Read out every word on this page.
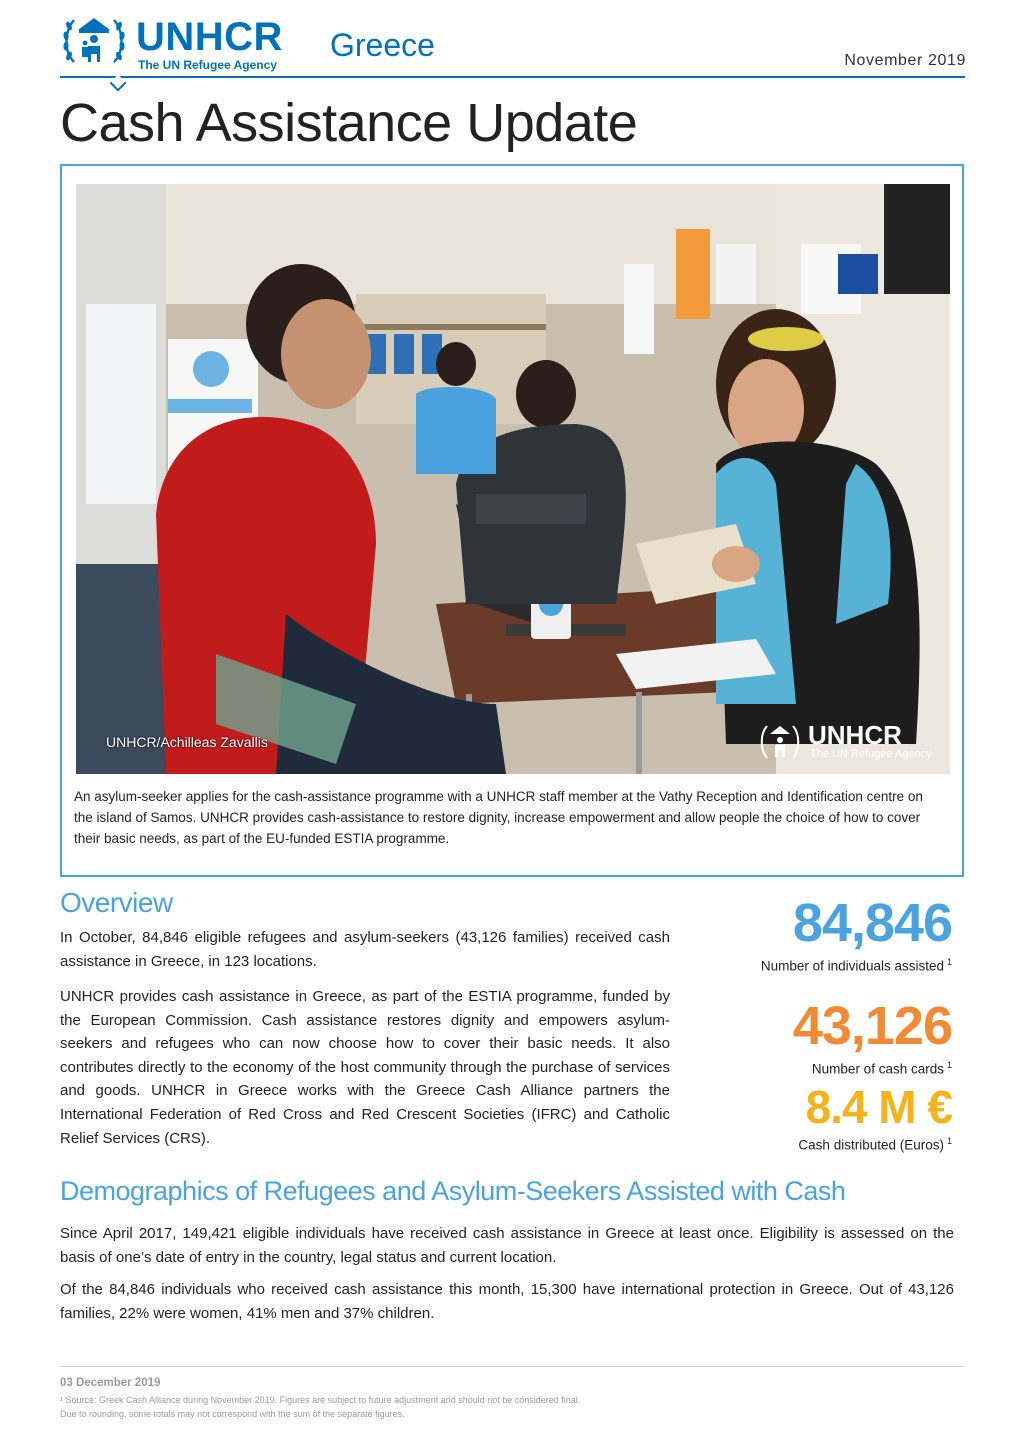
UNHCR
The UN Refugee Agency
Greece	November 2019
Cash Assistance Update
UNHCR/Achilleas Zavallis	UNHCR
The UN Refugee Agency

An asylum-seeker applies for the cash-assistance programme with a UNHCR staff member at the Vathy Reception and Identification centre on the island of Samos. UNHCR provides cash-assistance to restore dignity, increase empowerment and allow people the choice of how to cover their basic needs, as part of the EU-funded ESTIA programme.

Overview

In October, 84,846 eligible refugees and asylum-seekers (43,126 families) received cash assistance in Greece, in 123 locations.

UNHCR provides cash assistance in Greece, as part of the ESTIA programme, funded by the European Commission. Cash assistance restores dignity and empowers asylum-seekers and refugees who can now choose how to cover their basic needs. It also contributes directly to the economy of the host community through the purchase of services and goods. UNHCR in Greece works with the Greece Cash Alliance partners the International Federation of Red Cross and Red Crescent Societies (IFRC) and Catholic Relief Services (CRS).

84,846
Number of individuals assisted $^1$
43,126
Number of cash cards $^1$
8.4 M €
Cash distributed (Euros) $^1$
Demographics of Refugees and Asylum-Seekers Assisted with Cash

Since April 2017, 149,421 eligible individuals have received cash assistance in Greece at least once. Eligibility is assessed on the basis of one’s date of entry in the country, legal status and current location.

Of the 84,846 individuals who received cash assistance this month, 15,300 have international protection in Greece. Out of 43,126 families, 22% were women, 41% men and 37% children.

03 December 2019
¹ Source: Greek Cash Alliance during November 2019. Figures are subject to future adjustment and should not be considered final.
Due to rounding, some totals may not correspond with the sum of the separate figures.
